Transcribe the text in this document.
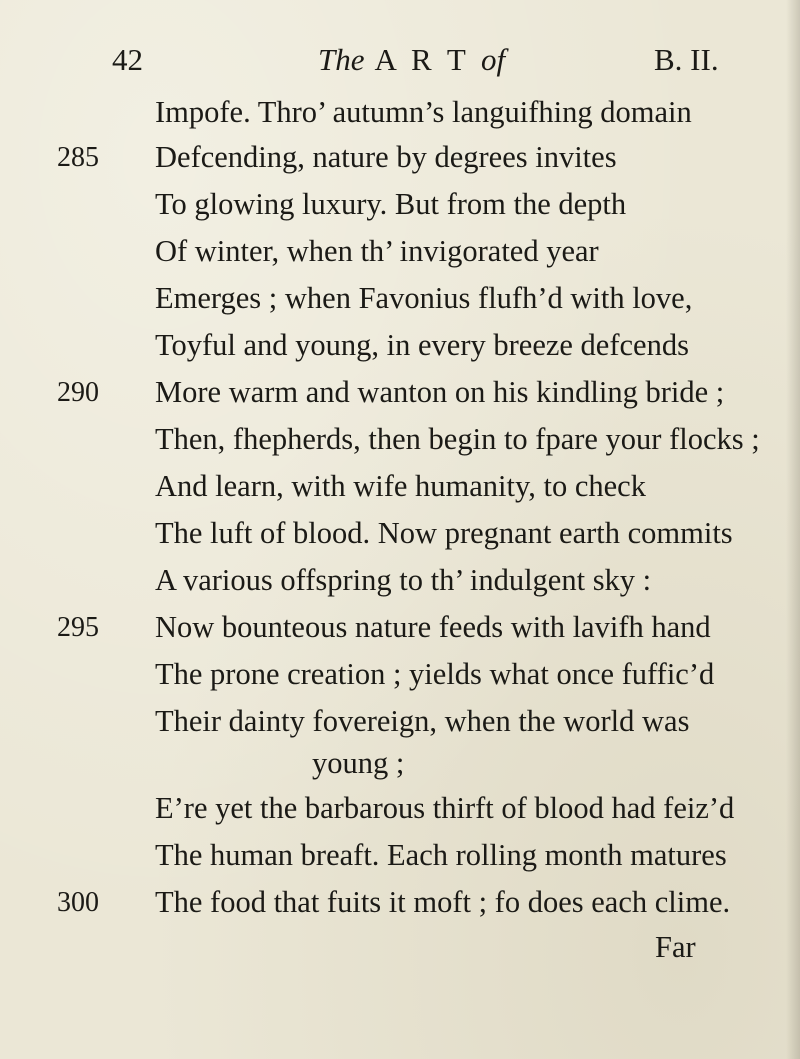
42	The A R T of	B. II.
Impofe. Thro’ autumn’s languifhing domain
285 Defcending, nature by degrees invites
To glowing luxury. But from the depth
Of winter, when th’ invigorated year
Emerges ; when Favonius flufh’d with love,
Toyful and young, in every breeze defcends
290 More warm and wanton on his kindling bride ;
Then, fhepherds, then begin to fpare your flocks ;
And learn, with wife humanity, to check
The luft of blood. Now pregnant earth commits
A various offspring to th’ indulgent sky :
295 Now bounteous nature feeds with lavifh hand
The prone creation ; yields what once fuffic’d
Their dainty fovereign, when the world was
young ;
E’re yet the barbarous thirft of blood had feiz’d
The human breaft. Each rolling month matures
300 The food that fuits it moft ; fo does each clime.
Far
